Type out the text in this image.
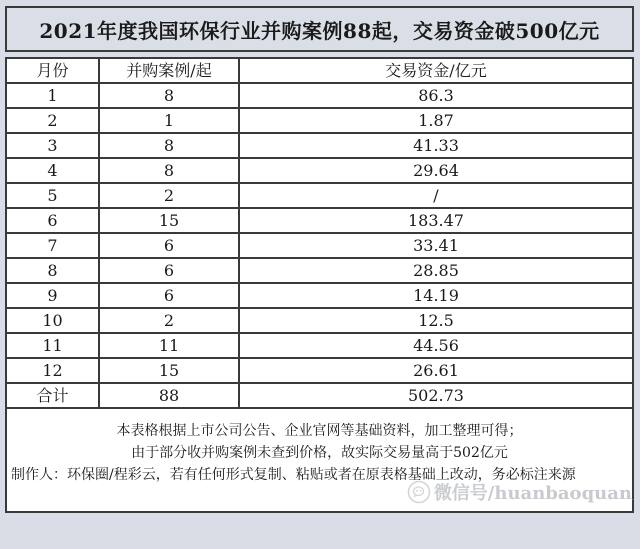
2021年度我国环保行业并购案例88起，交易资金破500亿元
月份	并购案例/起	交易资金/亿元
1	8	86.3
2	1	1.87
3	8	41.33
4	8	29.64
5	2	/
6	15	183.47
7	6	33.41
8	6	28.85
9	6	14.19
10	2	12.5
11	11	44.56
12	15	26.61
合计	88	502.73
本表格根据上市公司公告、企业官网等基础资料，加工整理可得；
由于部分收并购案例未查到价格，故实际交易量高于502亿元
制作人：环保圈/程彩云，若有任何形式复制、粘贴或者在原表格基础上改动，务必标注来源
微信号/huanbaoquan
